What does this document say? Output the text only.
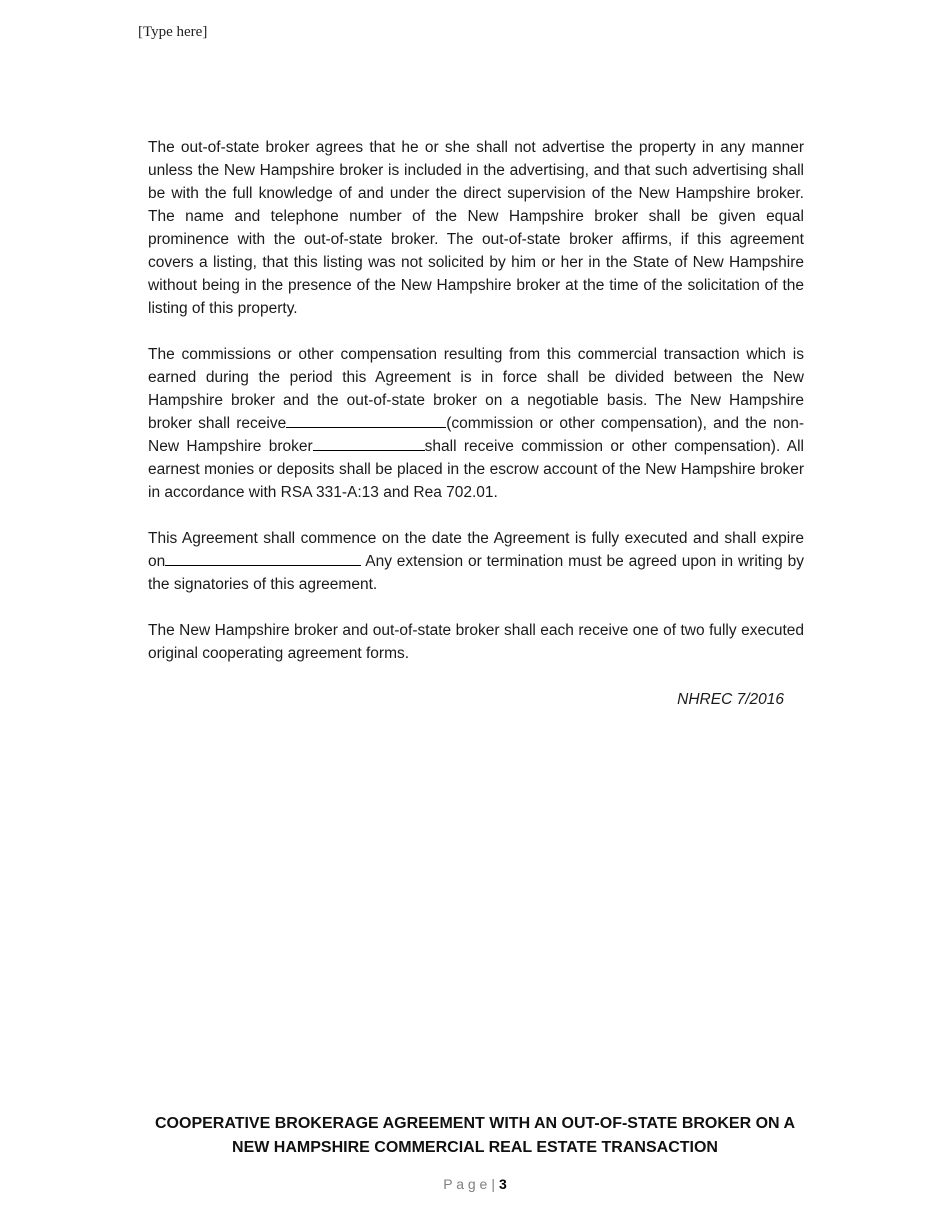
[Type here]

The out-of-state broker agrees that he or she shall not advertise the property in any manner unless the New Hampshire broker is included in the advertising, and that such advertising shall be with the full knowledge of and under the direct supervision of the New Hampshire broker. The name and telephone number of the New Hampshire broker shall be given equal prominence with the out-of-state broker. The out-of-state broker affirms, if this agreement covers a listing, that this listing was not solicited by him or her in the State of New Hampshire without being in the presence of the New Hampshire broker at the time of the solicitation of the listing of this property.

The commissions or other compensation resulting from this commercial transaction which is earned during the period this Agreement is in force shall be divided between the New Hampshire broker and the out-of-state broker on a negotiable basis. The New Hampshire broker shall receive	(commission or other compensation), and the non-New Hampshire broker	shall receive commission or other compensation). All earnest monies or deposits shall be placed in the escrow account of the New Hampshire broker in accordance with RSA 331-A:13 and Rea 702.01.

This Agreement shall commence on the date the Agreement is fully executed and shall expire on	Any extension or termination must be agreed upon in writing by the signatories of this agreement.

The New Hampshire broker and out-of-state broker shall each receive one of two fully executed original cooperating agreement forms.

NHREC 7/2016

COOPERATIVE BROKERAGE AGREEMENT WITH AN OUT-OF-STATE BROKER ON A
NEW HAMPSHIRE COMMERCIAL REAL ESTATE TRANSACTION
P a g e | 3
